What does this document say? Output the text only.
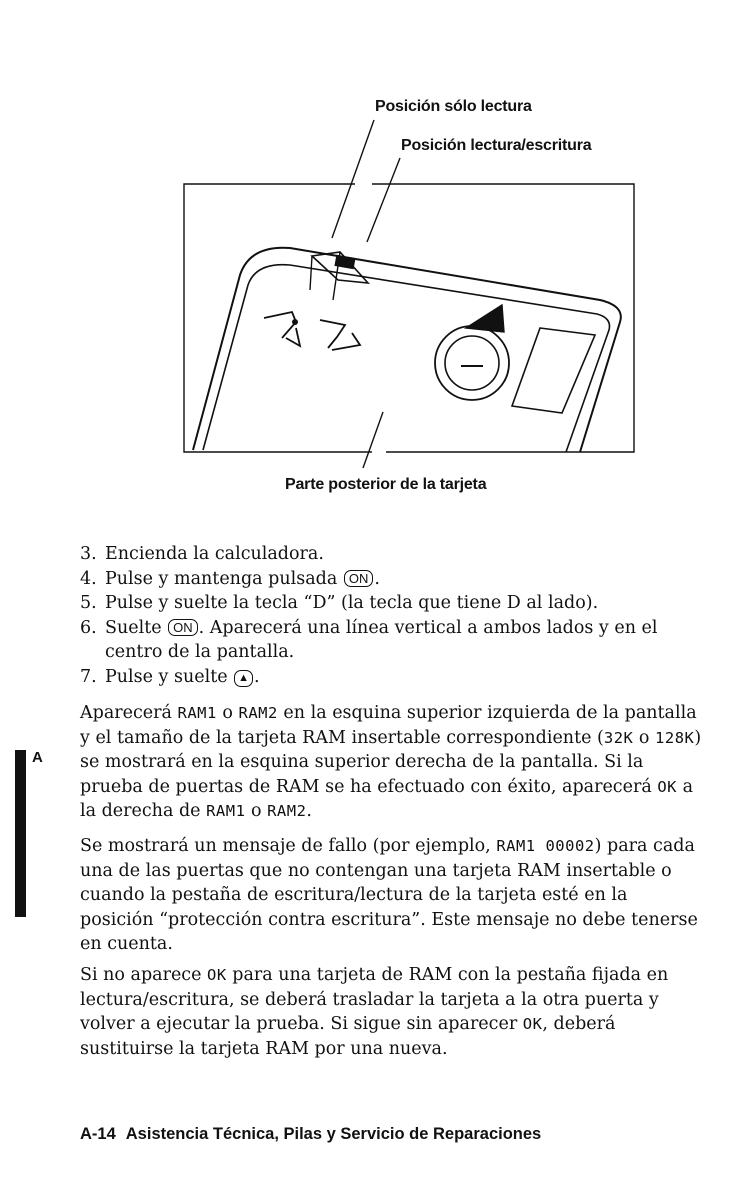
Posición sólo lectura
Posición lectura/escritura
Parte posterior de la tarjeta
3. Encienda la calculadora.
4. Pulse y mantenga pulsada ON .
5. Pulse y suelte la tecla “D” (la tecla que tiene D al lado).
6. Suelte ON . Aparecerá una línea vertical a ambos lados y en el centro de la pantalla.
7. Pulse y suelte ▲ .
Aparecerá RAM1 o RAM2 en la esquina superior izquierda de la pantalla y el tamaño de la tarjeta RAM insertable correspondiente (32K o 128K) se mostrará en la esquina superior derecha de la pantalla. Si la prueba de puertas de RAM se ha efectuado con éxito, aparecerá OK a la derecha de RAM1 o RAM2.
Se mostrará un mensaje de fallo (por ejemplo, RAM1 00002) para cada una de las puertas que no contengan una tarjeta RAM insertable o cuando la pestaña de escritura/lectura de la tarjeta esté en la posición “protección contra escritura”. Este mensaje no debe tenerse en cuenta.
Si no aparece OK para una tarjeta de RAM con la pestaña fijada en lectura/escritura, se deberá trasladar la tarjeta a la otra puerta y volver a ejecutar la prueba. Si sigue sin aparecer OK, deberá sustituirse la tarjeta RAM por una nueva.
A
A-14 Asistencia Técnica, Pilas y Servicio de Reparaciones
